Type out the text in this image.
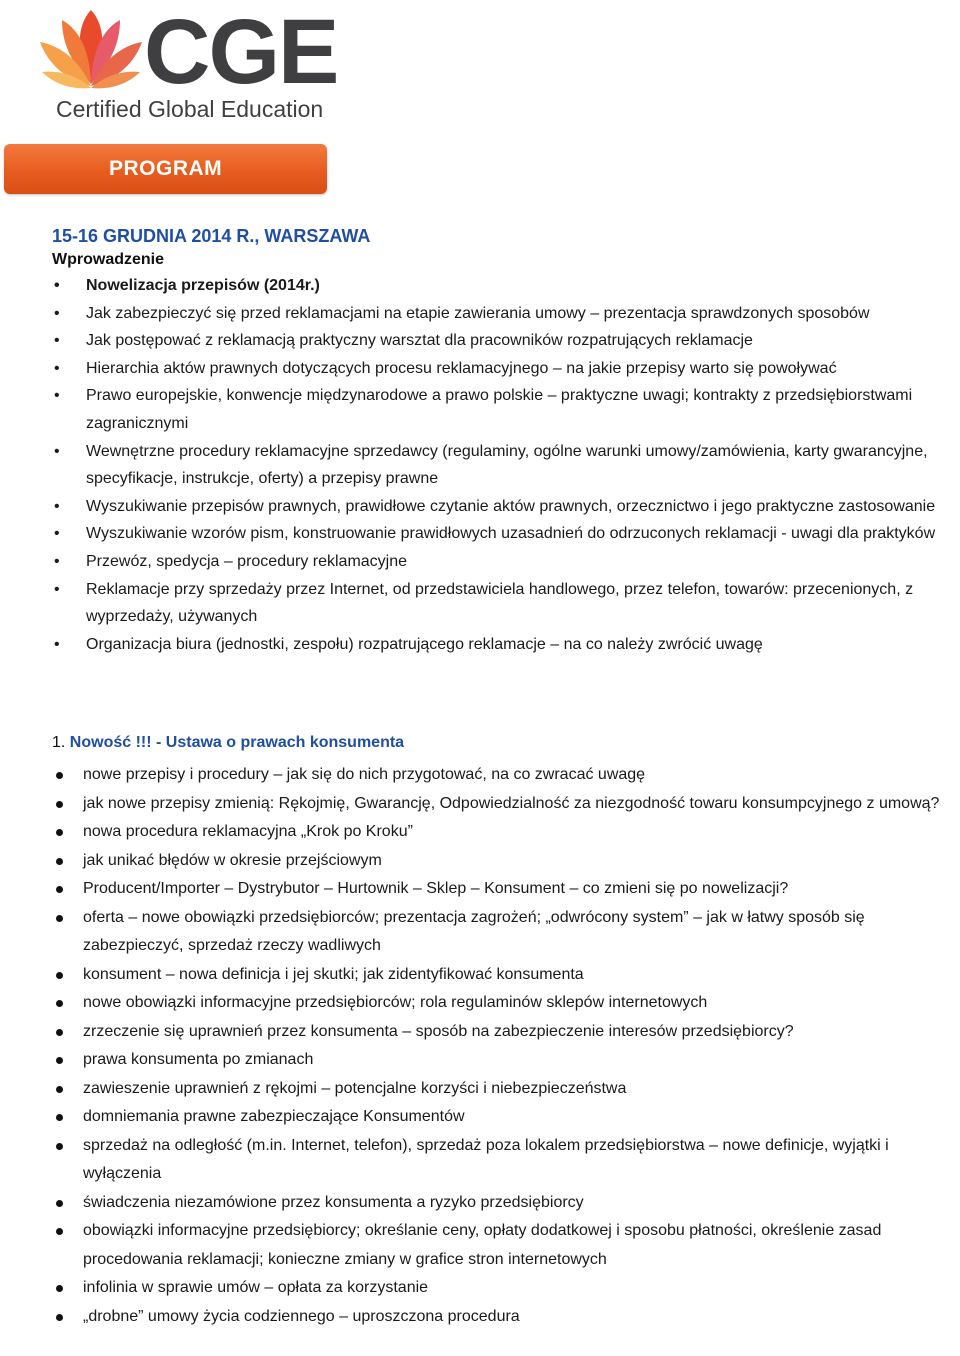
CGE
Certified Global Education
PROGRAM
15-16 GRUDNIA 2014 R., WARSZAWA
Wprowadzenie
• Nowelizacja przepisów (2014r.)
• Jak zabezpieczyć się przed reklamacjami na etapie zawierania umowy – prezentacja sprawdzonych sposobów
• Jak postępować z reklamacją praktyczny warsztat dla pracowników rozpatrujących reklamacje
• Hierarchia aktów prawnych dotyczących procesu reklamacyjnego – na jakie przepisy warto się powoływać
• Prawo europejskie, konwencje międzynarodowe a prawo polskie – praktyczne uwagi; kontrakty z przedsiębiorstwami zagranicznymi
• Wewnętrzne procedury reklamacyjne sprzedawcy (regulaminy, ogólne warunki umowy/zamówienia, karty gwarancyjne, specyfikacje, instrukcje, oferty) a przepisy prawne
• Wyszukiwanie przepisów prawnych, prawidłowe czytanie aktów prawnych, orzecznictwo i jego praktyczne zastosowanie
• Wyszukiwanie wzorów pism, konstruowanie prawidłowych uzasadnień do odrzuconych reklamacji - uwagi dla praktyków
• Przewóz, spedycja – procedury reklamacyjne
• Reklamacje przy sprzedaży przez Internet, od przedstawiciela handlowego, przez telefon, towarów: przecenionych, z wyprzedaży, używanych
• Organizacja biura (jednostki, zespołu) rozpatrującego reklamacje – na co należy zwrócić uwagę
1. Nowość !!! - Ustawa o prawach konsumenta
nowe przepisy i procedury – jak się do nich przygotować, na co zwracać uwagę
jak nowe przepisy zmienią: Rękojmię, Gwarancję, Odpowiedzialność za niezgodność towaru konsumpcyjnego z umową?
nowa procedura reklamacyjna „Krok po Kroku”
jak unikać błędów w okresie przejściowym
Producent/Importer – Dystrybutor – Hurtownik – Sklep – Konsument – co zmieni się po nowelizacji?
oferta – nowe obowiązki przedsiębiorców; prezentacja zagrożeń; „odwrócony system” – jak w łatwy sposób się zabezpieczyć, sprzedaż rzeczy wadliwych
konsument – nowa definicja i jej skutki; jak zidentyfikować konsumenta
nowe obowiązki informacyjne przedsiębiorców; rola regulaminów sklepów internetowych
zrzeczenie się uprawnień przez konsumenta – sposób na zabezpieczenie interesów przedsiębiorcy?
prawa konsumenta po zmianach
zawieszenie uprawnień z rękojmi – potencjalne korzyści i niebezpieczeństwa
domniemania prawne zabezpieczające Konsumentów
sprzedaż na odległość (m.in. Internet, telefon), sprzedaż poza lokalem przedsiębiorstwa – nowe definicje, wyjątki i wyłączenia
świadczenia niezamówione przez konsumenta a ryzyko przedsiębiorcy
obowiązki informacyjne przedsiębiorcy; określanie ceny, opłaty dodatkowej i sposobu płatności, określenie zasad procedowania reklamacji; konieczne zmiany w grafice stron internetowych
infolinia w sprawie umów – opłata za korzystanie
„drobne” umowy życia codziennego – uproszczona procedura
